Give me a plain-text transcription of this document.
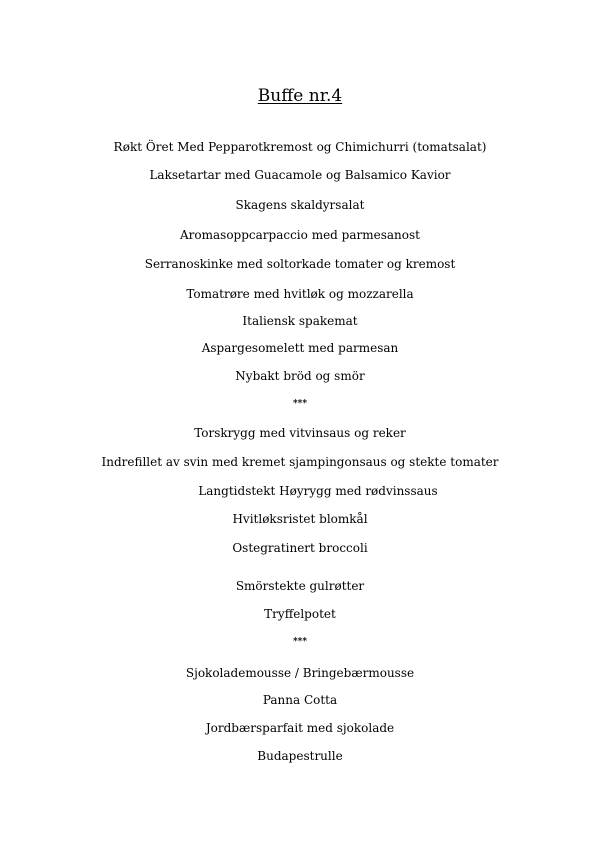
Buffe nr.4
Røkt Öret Med Pepparotkremost og Chimichurri (tomatsalat)
Laksetartar med Guacamole og Balsamico Kavior
Skagens skaldyrsalat
Aromasoppcarpaccio med parmesanost
Serranoskinke med soltorkade tomater og kremost
Tomatrøre med hvitløk og mozzarella
Italiensk spakemat
Aspargesomelett med parmesan
Nybakt bröd og smör
***
Torskrygg med vitvinsaus og reker
Indrefillet av svin med kremet sjampingonsaus og stekte tomater
Langtidstekt Høyrygg med rødvinssaus
Hvitløksristet blomkål
Ostegratinert broccoli
Smörstekte gulrøtter
Tryffelpotet
***
Sjokolademousse / Bringebærmousse
Panna Cotta
Jordbærsparfait med sjokolade
Budapestrulle
